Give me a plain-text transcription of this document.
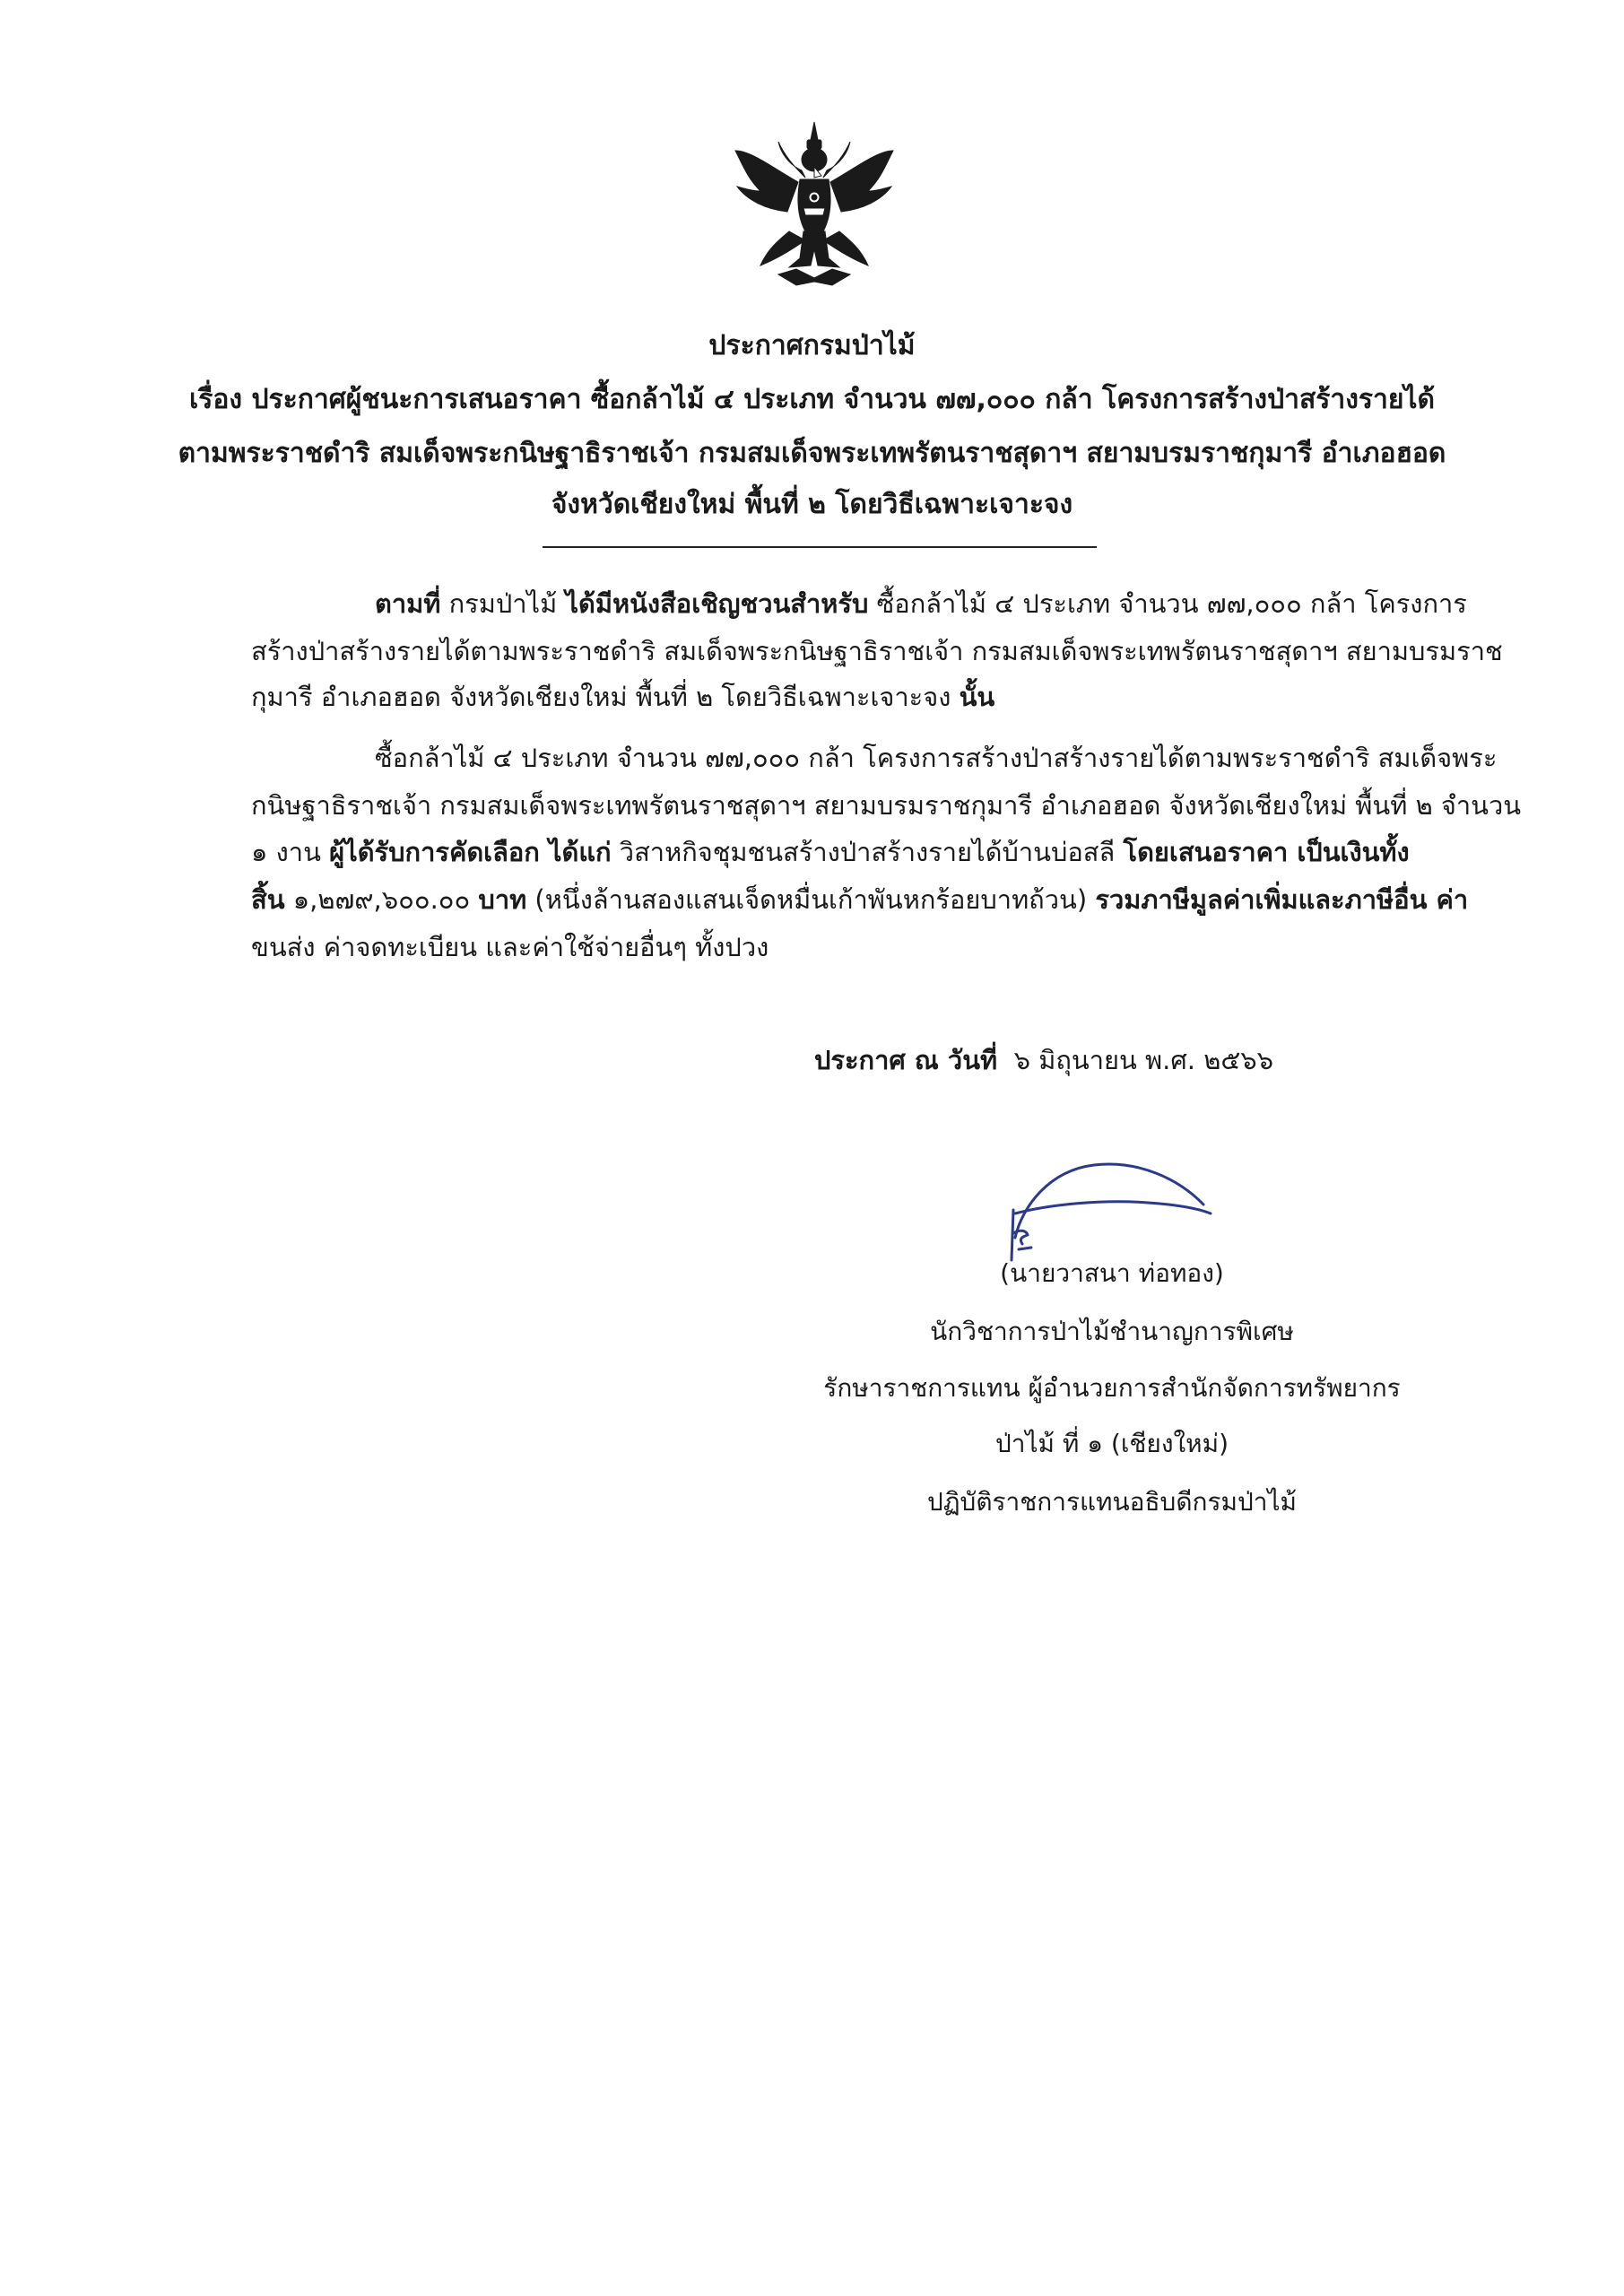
ประกาศกรมป่าไม้
เรื่อง ประกาศผู้ชนะการเสนอราคา ซื้อกล้าไม้ ๔ ประเภท จำนวน ๗๗,๐๐๐ กล้า โครงการสร้างป่าสร้างรายได้
ตามพระราชดำริ สมเด็จพระกนิษฐาธิราชเจ้า กรมสมเด็จพระเทพรัตนราชสุดาฯ สยามบรมราชกุมารี อำเภอฮอด
จังหวัดเชียงใหม่ พื้นที่ ๒ โดยวิธีเฉพาะเจาะจง
ตามที่ กรมป่าไม้ ได้มีหนังสือเชิญชวนสำหรับ ซื้อกล้าไม้ ๔ ประเภท จำนวน ๗๗,๐๐๐ กล้า โครงการ
สร้างป่าสร้างรายได้ตามพระราชดำริ สมเด็จพระกนิษฐาธิราชเจ้า กรมสมเด็จพระเทพรัตนราชสุดาฯ สยามบรมราช
กุมารี อำเภอฮอด จังหวัดเชียงใหม่ พื้นที่ ๒ โดยวิธีเฉพาะเจาะจง นั้น
ซื้อกล้าไม้ ๔ ประเภท จำนวน ๗๗,๐๐๐ กล้า โครงการสร้างป่าสร้างรายได้ตามพระราชดำริ สมเด็จพระ
กนิษฐาธิราชเจ้า กรมสมเด็จพระเทพรัตนราชสุดาฯ สยามบรมราชกุมารี อำเภอฮอด จังหวัดเชียงใหม่ พื้นที่ ๒ จำนวน
๑ งาน ผู้ได้รับการคัดเลือก ได้แก่ วิสาหกิจชุมชนสร้างป่าสร้างรายได้บ้านบ่อสลี โดยเสนอราคา เป็นเงินทั้ง
สิ้น ๑,๒๗๙,๖๐๐.๐๐ บาท (หนึ่งล้านสองแสนเจ็ดหมื่นเก้าพันหกร้อยบาทถ้วน) รวมภาษีมูลค่าเพิ่มและภาษีอื่น ค่า
ขนส่ง ค่าจดทะเบียน และค่าใช้จ่ายอื่นๆ ทั้งปวง
ประกาศ ณ วันที่ ๖ มิถุนายน พ.ศ. ๒๕๖๖
(นายวาสนา ท่อทอง)
นักวิชาการป่าไม้ชำนาญการพิเศษ
รักษาราชการแทน ผู้อำนวยการสำนักจัดการทรัพยากร
ป่าไม้ ที่ ๑ (เชียงใหม่)
ปฏิบัติราชการแทนอธิบดีกรมป่าไม้
